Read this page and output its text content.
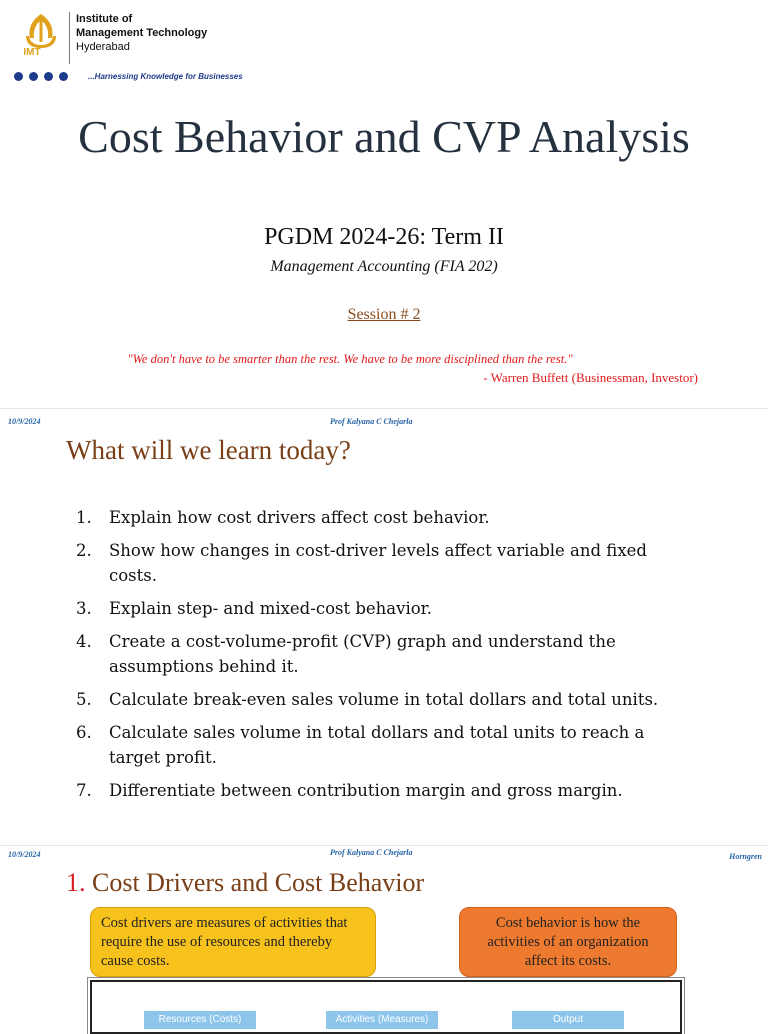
IMT
Institute of
Management Technology
Hyderabad
...Harnessing Knowledge for Businesses
Cost Behavior and CVP Analysis
PGDM 2024-26: Term II
Management Accounting (FIA 202)
Session # 2
"We don't have to be smarter than the rest. We have to be more disciplined than the rest."
- Warren Buffett (Businessman, Investor)
10/9/2024	Prof Kalyana C Chejarla
What will we learn today?
1. Explain how cost drivers affect cost behavior.
2. Show how changes in cost-driver levels affect variable and fixed costs.
3. Explain step- and mixed-cost behavior.
4. Create a cost-volume-profit (CVP) graph and understand the assumptions behind it.
5. Calculate break-even sales volume in total dollars and total units.
6. Calculate sales volume in total dollars and total units to reach a target profit.
7. Differentiate between contribution margin and gross margin.
10/9/2024	Prof Kalyana C Chejarla	Horngren
1. Cost Drivers and Cost Behavior
Cost drivers are measures of activities that require the use of resources and thereby cause costs.
Cost behavior is how the activities of an organization affect its costs.
Resources (Costs)	Activities (Measures)	Output
